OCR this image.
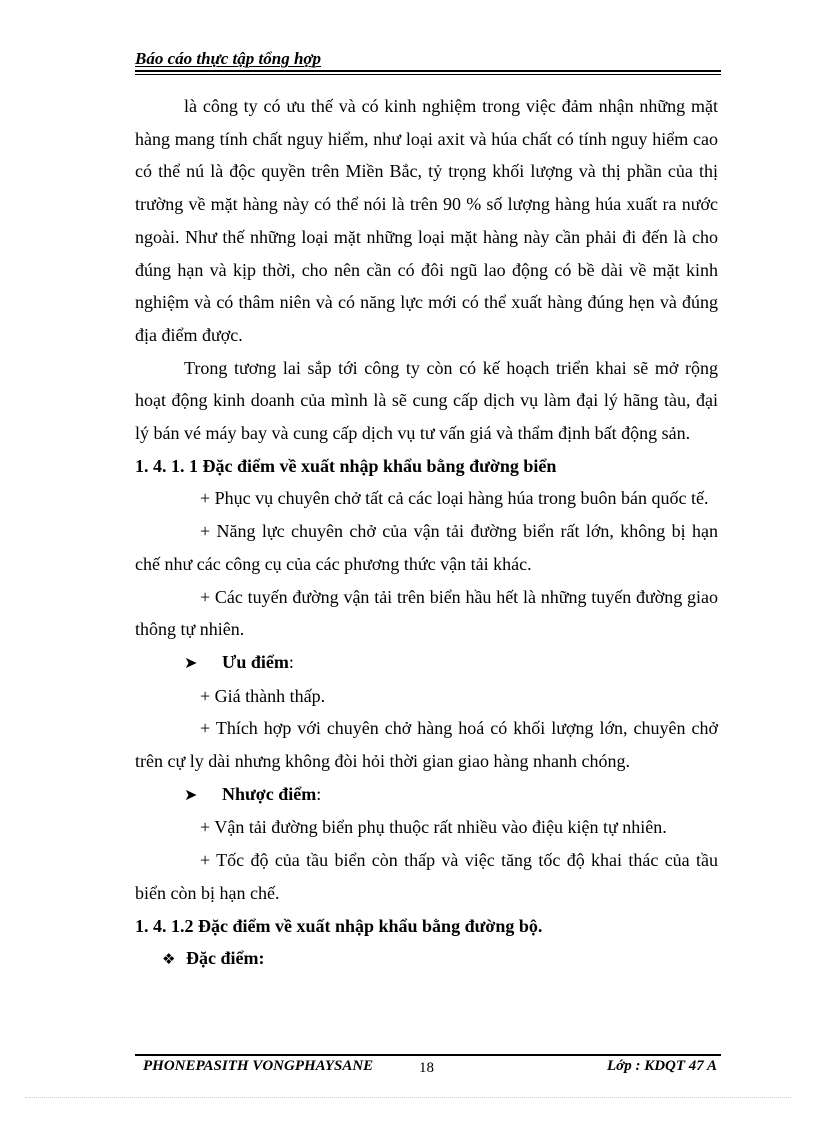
Báo cáo thực tập tổng hợp

là công ty có ưu thế và có kinh nghiệm trong việc đảm nhận những mặt hàng mang tính chất nguy hiểm, như loại axit và húa chất có tính nguy hiểm cao có thể nú là độc quyền trên Miền Bắc, tỷ trọng khối lượng và thị phần của thị trường về mặt hàng này có thể nói là trên 90 % số lượng hàng húa xuất ra nước ngoài. Như thế những loại mặt những loại mặt hàng này cần phải đi đến là cho đúng hạn và kịp thời, cho nên cần có đôi ngũ lao động có bề dài về mặt kinh nghiệm và có thâm niên và có năng lực mới có thể xuất hàng đúng hẹn và đúng địa điểm được.

Trong tương lai sắp tới công ty còn có kế hoạch triển khai sẽ mở rộng hoạt động kinh doanh của mình là sẽ cung cấp dịch vụ làm đại lý hãng tàu, đại lý bán vé máy bay và cung cấp dịch vụ tư vấn giá và thẩm định bất động sản.

1. 4. 1. 1 Đặc điểm về xuất nhập khẩu bằng đường biển

+ Phục vụ chuyên chở tất cả các loại hàng húa trong buôn bán quốc tế.

+ Năng lực chuyên chở của vận tải đường biển rất lớn, không bị hạn chế như các công cụ của các phương thức vận tải khác.

+ Các tuyến đường vận tải trên biển hầu hết là những tuyến đường giao thông tự nhiên.

➤ Ưu điểm:

+ Giá thành thấp.

+ Thích hợp với chuyên chở hàng hoá có khối lượng lớn, chuyên chở trên cự ly dài nhưng không đòi hỏi thời gian giao hàng nhanh chóng.

➤ Nhược điểm:

+ Vận tải đường biển phụ thuộc rất nhiều vào điệu kiện tự nhiên.

+ Tốc độ của tầu biển còn thấp và việc tăng tốc độ khai thác của tầu biển còn bị hạn chế.

1. 4. 1.2 Đặc điểm về xuất nhập khẩu bằng đường bộ.

❖ Đặc điểm:

PHONEPASITH VONGPHAYSANE	18	Lớp : KDQT 47 A
